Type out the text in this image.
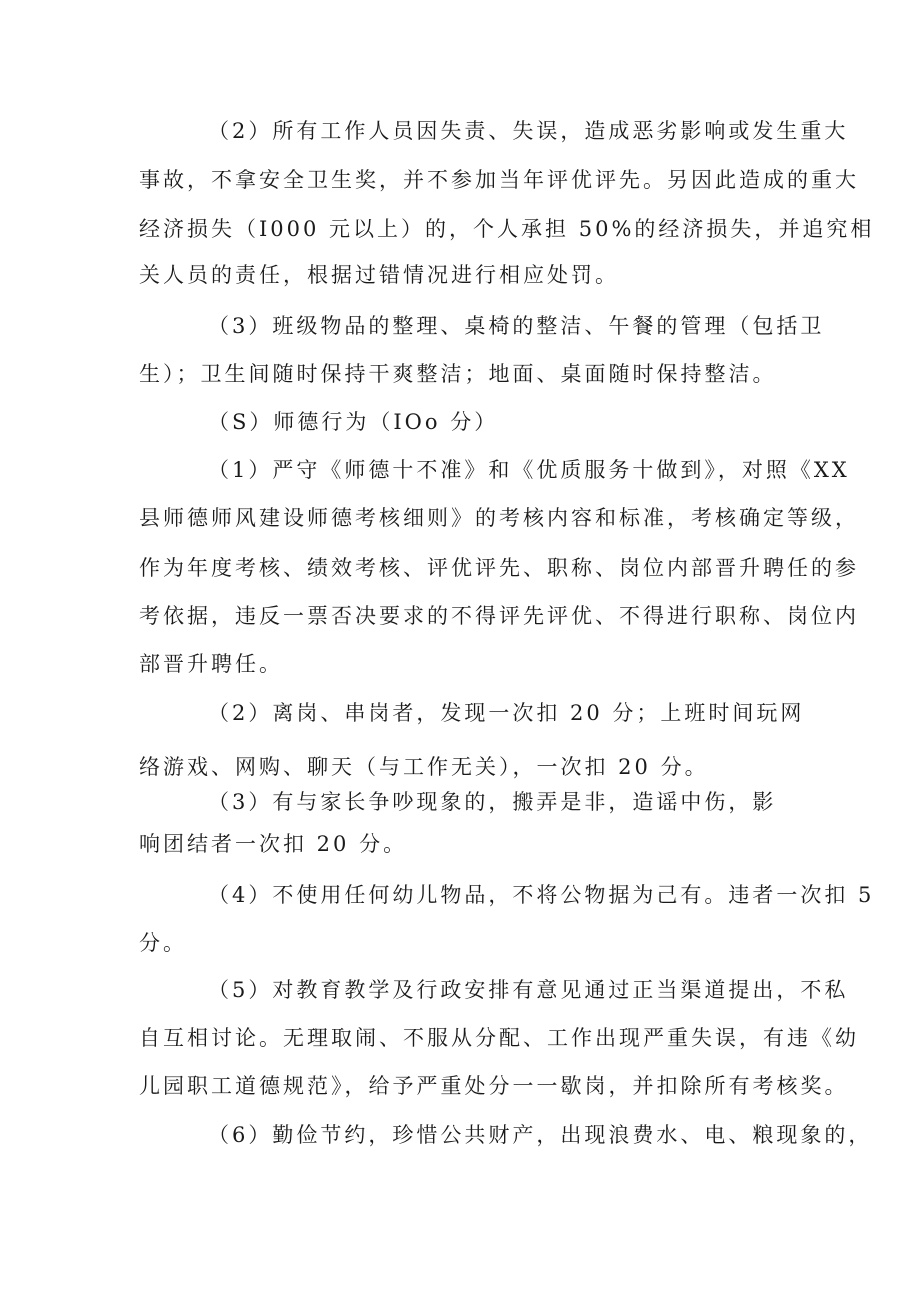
（2）所有工作人员因失责、失误，造成恶劣影响或发生重大
事故，不拿安全卫生奖，并不参加当年评优评先。另因此造成的重大
经济损失（I000 元以上）的，个人承担 50%的经济损失，并追究相
关人员的责任，根据过错情况进行相应处罚。
（3）班级物品的整理、桌椅的整洁、午餐的管理（包括卫
生）；卫生间随时保持干爽整洁；地面、桌面随时保持整洁。
（S）师德行为（IOo 分）
（1）严守《师德十不准》和《优质服务十做到》，对照《XX
县师德师风建设师德考核细则》的考核内容和标准，考核确定等级，
作为年度考核、绩效考核、评优评先、职称、岗位内部晋升聘任的参
考依据，违反一票否决要求的不得评先评优、不得进行职称、岗位内
部晋升聘任。
（2）离岗、串岗者，发现一次扣 20 分；上班时间玩网
络游戏、网购、聊天（与工作无关），一次扣 20 分。
（3）有与家长争吵现象的，搬弄是非，造谣中伤，影
响团结者一次扣 20 分。
（4）不使用任何幼儿物品，不将公物据为己有。违者一次扣 5
分。
（5）对教育教学及行政安排有意见通过正当渠道提出，不私
自互相讨论。无理取闹、不服从分配、工作出现严重失误，有违《幼
儿园职工道德规范》，给予严重处分一一歇岗，并扣除所有考核奖。
（6）勤俭节约，珍惜公共财产，出现浪费水、电、粮现象的，
